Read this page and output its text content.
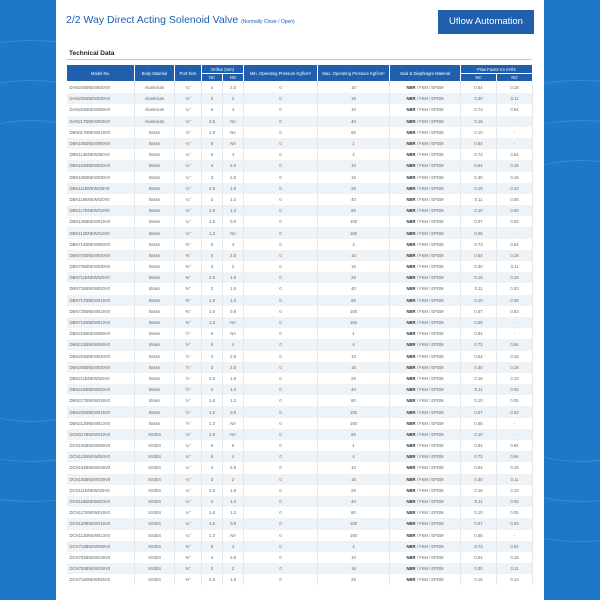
2/2 Way Direct Acting Solenoid Valve (Normally Close / Open)	Uflow Automation
Technical Data
Model No.	Body Material	Port Size	Orifice (mm)		Min. Operating Pressure Kgf/cm²	Max. Operating Pressure Kgf/cm²	Seal & Diaphragm Material	Flow Factor Kv m³/hr	
			NC	NO				NC	NO
DAN204BNEW040V0	Aluminium	¼"	4	2.5	0	10	NBR / FKM / EPDM	0.54	0.16
DAN205BNEW030V0	Aluminium	¼"	3	2	0	16	NBR / FKM / EPDM	0.30	0.11
DAN204BNEW050V0	Aluminium	¼"	5	4	0	10	NBR / FKM / EPDM	0.73	0.54
DAN217BNEW025V0	Aluminium	¼"	2.5	NA	0	40	NBR / FKM / EPDM	0.16	-
DBN017BNEW018V0	Brass	⅛"	1.8	NA	0	60	NBR / FKM / EPDM	0.10	-
DBN105BNEW060V0	Brass	¼"	6	NA	0	1	NBR / FKM / EPDM	0.84	-
DBN113BNEW050V0	Brass	¼"	5	4	0	4	NBR / FKM / EPDM	0.73	0.54
DBN104BNEW040V0	Brass	¼"	4	2.5	0	10	NBR / FKM / EPDM	0.54	0.16
DBN105BNEW030V0	Brass	¼"	3	2.5	0	16	NBR / FKM / EPDM	0.30	0.16
DBN111BNEW025V0	Brass	¼"	2.5	1.8	0	25	NBR / FKM / EPDM	0.16	0.10
DBN116BNEW020V0	Brass	¼"	2	1.3	0	40	NBR / FKM / EPDM	0.11	0.05
DBN117BNEW018V0	Brass	¼"	1.8	1.3	0	60	NBR / FKM / EPDM	0.10	0.05
DBN120BNEW015V0	Brass	¼"	1.5	0.9	0	100	NBR / FKM / EPDM	0.07	0.03
DBN112BNEW013V0	Brass	¼"	1.3	NA	0	150	NBR / FKM / EPDM	0.05	-
DBN713BNEW050V0	Brass	⅜"	5	4	0	4	NBR / FKM / EPDM	0.73	0.54
DBN704BNEW040V0	Brass	⅜"	4	2.5	0	10	NBR / FKM / EPDM	0.54	0.16
DBN705BNEW030V0	Brass	⅜"	3	2	0	16	NBR / FKM / EPDM	0.30	0.11
DBN711BNEW025V0	Brass	⅜"	2.5	1.8	0	25	NBR / FKM / EPDM	0.16	0.10
DBN716BNEW020V0	Brass	⅜"	2	1.5	0	40	NBR / FKM / EPDM	0.11	0.03
DBN717BNEW018V0	Brass	⅜"	1.8	1.3	0	60	NBR / FKM / EPDM	0.10	0.05
DBN720BNEW015V0	Brass	⅜"	1.5	0.9	0	100	NBR / FKM / EPDM	0.07	0.03
DBN712BNEW013V0	Brass	⅜"	1.3	NA	0	150	NBR / FKM / EPDM	0.05	-
DBN215BNEW060V0	Brass	½"	6	NA	0	1	NBR / FKM / EPDM	0.84	-
DBN213BNEW050V0	Brass	½"	5	4	0	4	NBR / FKM / EPDM	0.73	0.54
DBN204BNEW040V0	Brass	½"	4	2.5	0	10	NBR / FKM / EPDM	0.54	0.16
DBN205BNEW030V0	Brass	½"	3	2.5	0	16	NBR / FKM / EPDM	0.30	0.16
DBN211BNEW025V0	Brass	½"	2.5	1.8	0	25	NBR / FKM / EPDM	0.16	0.10
DBN216BNEW020V0	Brass	½"	2	1.3	0	40	NBR / FKM / EPDM	0.11	0.05
DBN217BNEW018V0	Brass	½"	1.8	1.3	0	60	NBR / FKM / EPDM	0.10	0.05
DBN220BNEW015V0	Brass	½"	1.5	0.9	0	100	NBR / FKM / EPDM	0.07	0.03
DBN212BNEW013V0	Brass	½"	1.3	NA	0	150	NBR / FKM / EPDM	0.05	-
DCN017BNEW018V0	SS304	⅛"	1.8	NA	0	60	NBR / FKM / EPDM	0.10	-
DCN105BNEW060V0	SS304	¼"	6	6	0	1	NBR / FKM / EPDM	0.84	0.84
DCN113BNEW050V0	SS304	¼"	5	4	0	4	NBR / FKM / EPDM	0.73	0.54
DCN104BNEW040V0	SS304	¼"	4	2.5	0	10	NBR / FKM / EPDM	0.54	0.16
DCN105BNEW030V0	SS304	¼"	3	2	0	16	NBR / FKM / EPDM	0.30	0.11
DCN111BNEW025V0	SS304	¼"	2.5	1.8	0	25	NBR / FKM / EPDM	0.16	0.10
DCN116BNEW020V0	SS304	¼"	2	1.3	0	40	NBR / FKM / EPDM	0.11	0.05
DCN117BNEW018V0	SS304	¼"	1.8	1.3	0	60	NBR / FKM / EPDM	0.10	0.05
DCN120BNEW015V0	SS304	¼"	1.5	0.9	0	100	NBR / FKM / EPDM	0.07	0.03
DCN112BNEW013V0	SS304	¼"	1.3	NA	0	150	NBR / FKM / EPDM	0.05	-
DCN713BNEW050V0	SS304	⅜"	5	4	0	4	NBR / FKM / EPDM	0.73	0.54
DCN704BNEW040V0	SS304	⅜"	4	2.5	0	10	NBR / FKM / EPDM	0.54	0.16
DCN705BNEW030V0	SS304	⅜"	3	2	0	16	NBR / FKM / EPDM	0.30	0.11
DCN711BNEW025V0	SS304	⅜"	2.5	1.8	0	25	NBR / FKM / EPDM	0.16	0.10
